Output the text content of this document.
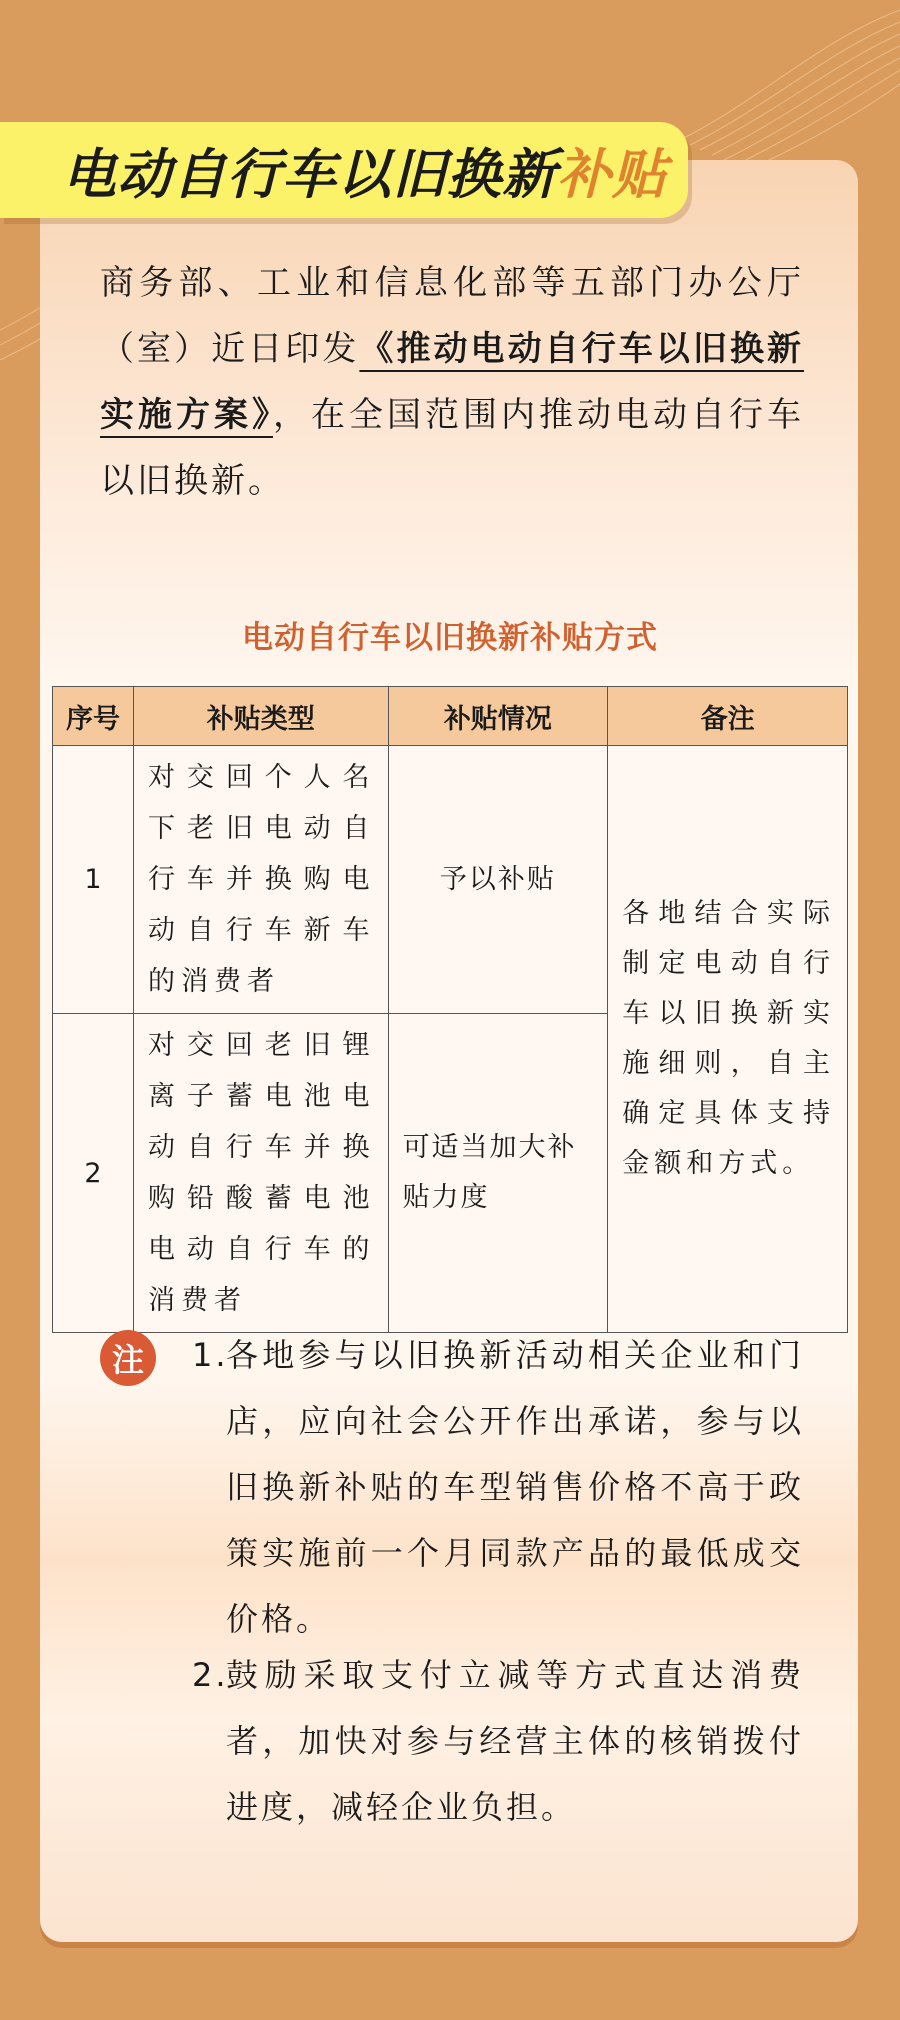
电动自行车以旧换新补贴
商务部、工业和信息化部等五部门办公厅（室）近日印发《推动电动自行车以旧换新实施方案》，在全国范围内推动电动自行车以旧换新。
电动自行车以旧换新补贴方式
序号	补贴类型	补贴情况	备注
1	对交回个人名下老旧电动自行车并换购电动自行车新车的消费者	予以补贴	各地结合实际制定电动自行车以旧换新实施细则，自主确定具体支持金额和方式。
2	对交回老旧锂离子蓄电池电动自行车并换购铅酸蓄电池电动自行车的消费者	可适当加大补贴力度	
注	1.
各地参与以旧换新活动相关企业和门店，应向社会公开作出承诺，参与以旧换新补贴的车型销售价格不高于政策实施前一个月同款产品的最低成交价格。
2.
鼓励采取支付立减等方式直达消费者，加快对参与经营主体的核销拨付进度，减轻企业负担。
